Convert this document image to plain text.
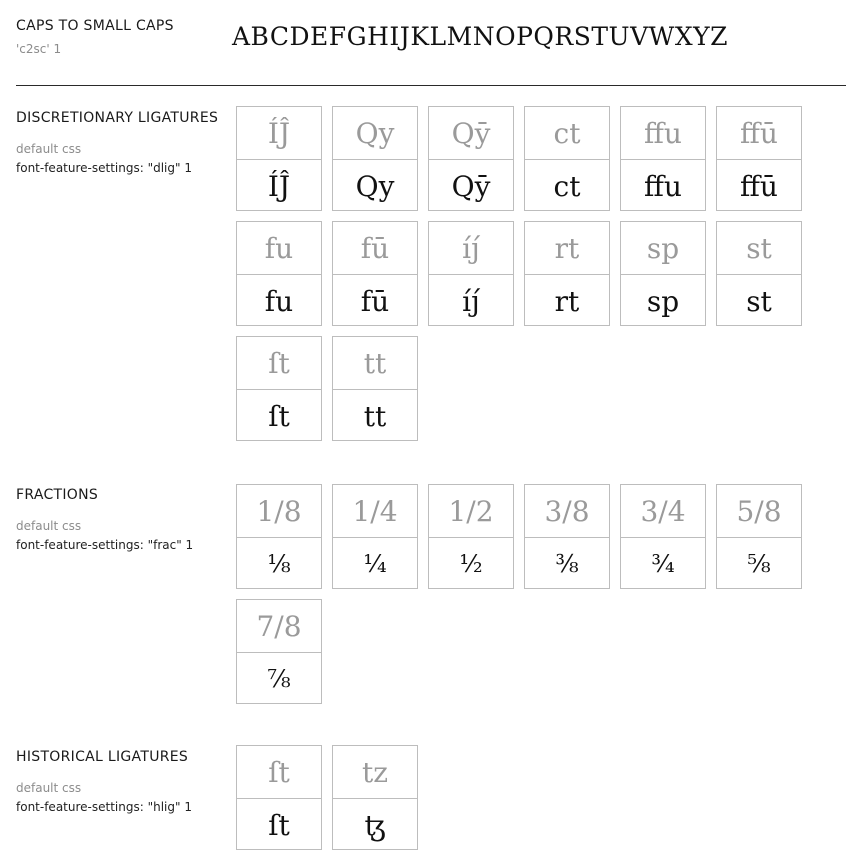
CAPS TO SMALL CAPS
'c2sc' 1	ABCDEFGHIJKLMNOPQRSTUVWXYZ
DISCRETIONARY LIGATURES
default css
font-feature-settings: "dlig" 1
ÍĴ
ÍĴ
Qy
Qy
Qȳ
Qȳ
ct
ct
ffu
ffu
ffū
ffū
fu
fu
fū
fū
íj́
íj́
rt
rt
sp
sp
st
st
ſt
ſt
tt
tt
FRACTIONS
default css
font-feature-settings: "frac" 1
1/8
⅛
1/4
¼
1/2
½
3/8
⅜
3/4
¾
5/8
⅝
7/8
⅞
HISTORICAL LIGATURES
default css
font-feature-settings: "hlig" 1
ſt
ſt
tz
ꜩ
